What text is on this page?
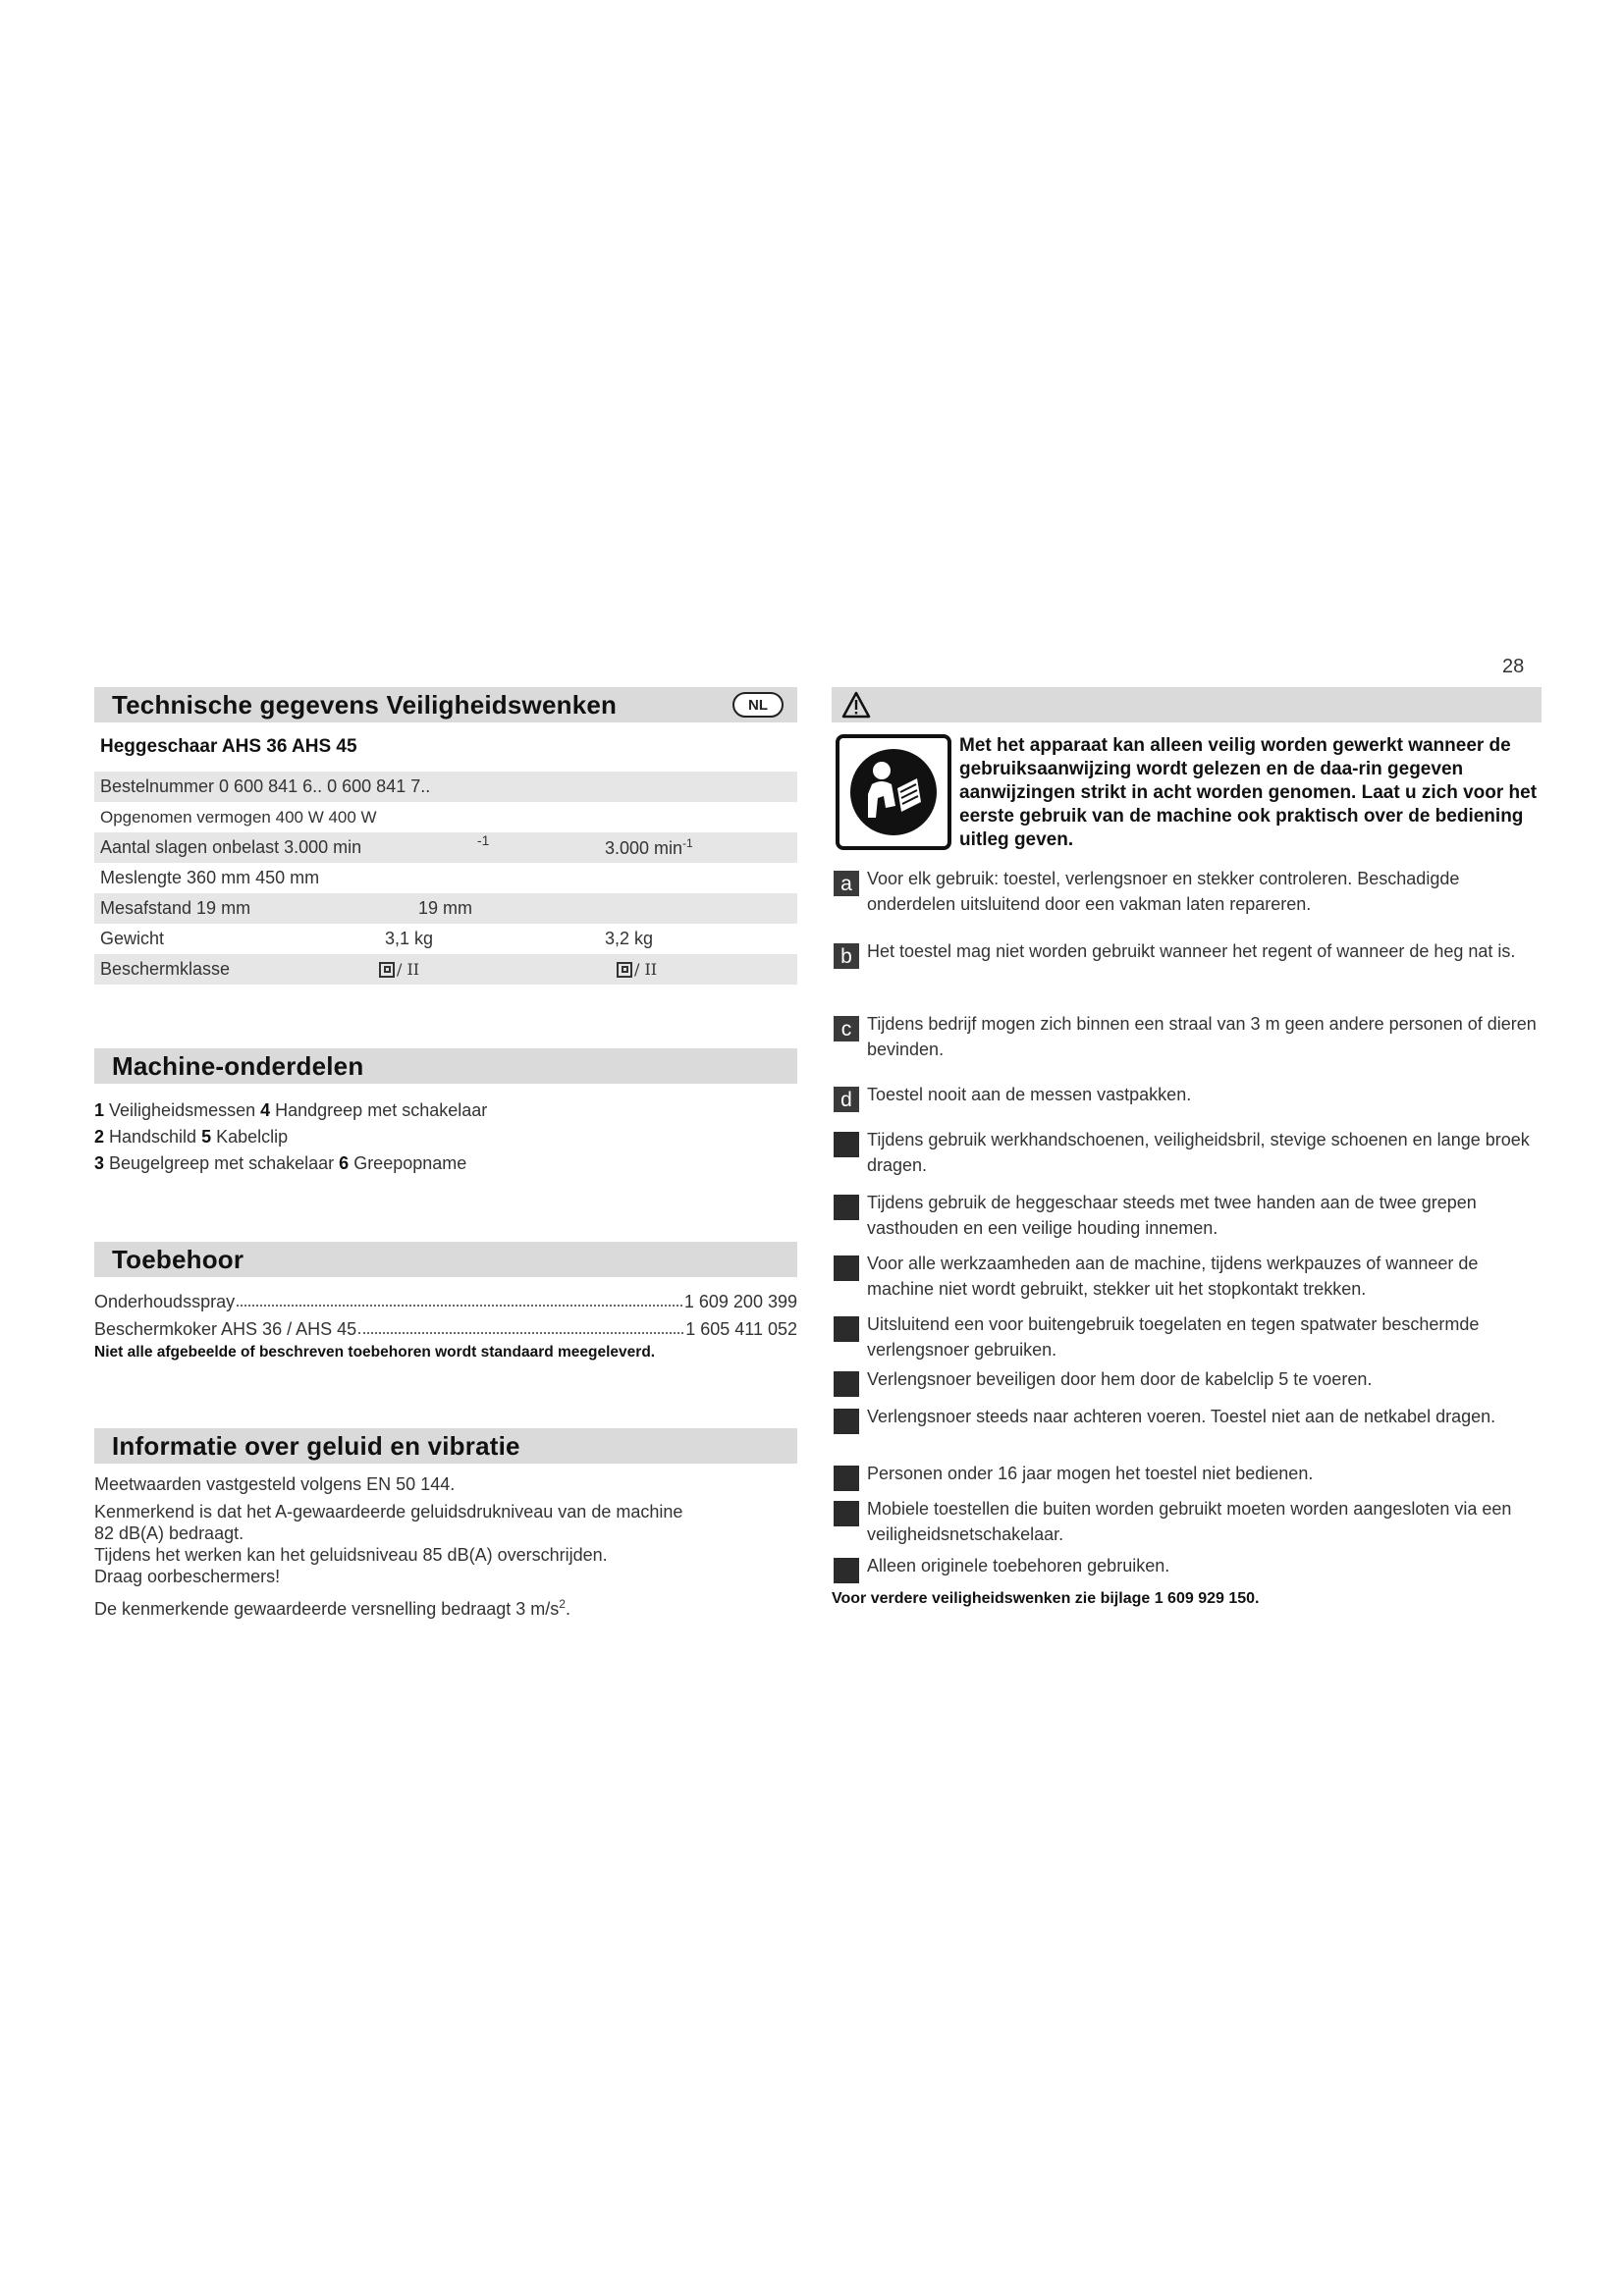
28
Technische gegevens Veiligheidswenken	NL
Heggeschaar AHS 36 AHS 45
Bestelnummer 0 600 841 6.. 0 600 841 7..
Opgenomen vermogen 400 W 400 W
Aantal slagen onbelast 3.000 min	-1	3.000 $\min^{-1}$
Meslengte 360 mm 450 mm
Mesafstand 19 mm	19 mm
Gewicht	3,1 kg	3,2 kg
Beschermklasse	/ II	/ II
Machine-onderdelen
1 Veiligheidsmessen 4 Handgreep met schakelaar
2 Handschild 5 Kabelclip
3 Beugelgreep met schakelaar 6 Greepopname
Toebehoor
Onderhoudsspray	1 609 200 399
Beschermkoker AHS 36 / AHS 45	1 605 411 052
Niet alle afgebeelde of beschreven toebehoren wordt standaard meegeleverd.
Informatie over geluid en vibratie

Meetwaarden vastgesteld volgens EN 50 144.

Kenmerkend is dat het A-gewaardeerde geluidsdrukniveau van de machine
82 dB(A) bedraagt.
Tijdens het werken kan het geluidsniveau 85 dB(A) overschrijden.
Draag oorbeschermers!

De kenmerkende gewaardeerde versnelling bedraagt 3 $m/s^2$.

Met het apparaat kan alleen veilig worden gewerkt wanneer de gebruiksaanwijzing wordt gelezen en de daa-rin gegeven aanwijzingen strikt in acht worden genomen. Laat u zich voor het eerste gebruik van de machine ook praktisch over de bediening uitleg geven.
a Voor elk gebruik: toestel, verlengsnoer en stekker controleren. Beschadigde onderdelen uitsluitend door een vakman laten repareren.
b Het toestel mag niet worden gebruikt wanneer het regent of wanneer de heg nat is.
c Tijdens bedrijf mogen zich binnen een straal van 3 m geen andere personen of dieren bevinden.
d Toestel nooit aan de messen vastpakken.
Tijdens gebruik werkhandschoenen, veiligheidsbril, stevige schoenen en lange broek dragen.
Tijdens gebruik de heggeschaar steeds met twee handen aan de twee grepen vasthouden en een veilige houding innemen.
Voor alle werkzaamheden aan de machine, tijdens werkpauzes of wanneer de machine niet wordt gebruikt, stekker uit het stopkontakt trekken.
Uitsluitend een voor buitengebruik toegelaten en tegen spatwater beschermde verlengsnoer gebruiken.
Verlengsnoer beveiligen door hem door de kabelclip 5 te voeren.
Verlengsnoer steeds naar achteren voeren. Toestel niet aan de netkabel dragen.
Personen onder 16 jaar mogen het toestel niet bedienen.
Mobiele toestellen die buiten worden gebruikt moeten worden aangesloten via een veiligheidsnetschakelaar.
Alleen originele toebehoren gebruiken.
Voor verdere veiligheidswenken zie bijlage 1 609 929 150.
